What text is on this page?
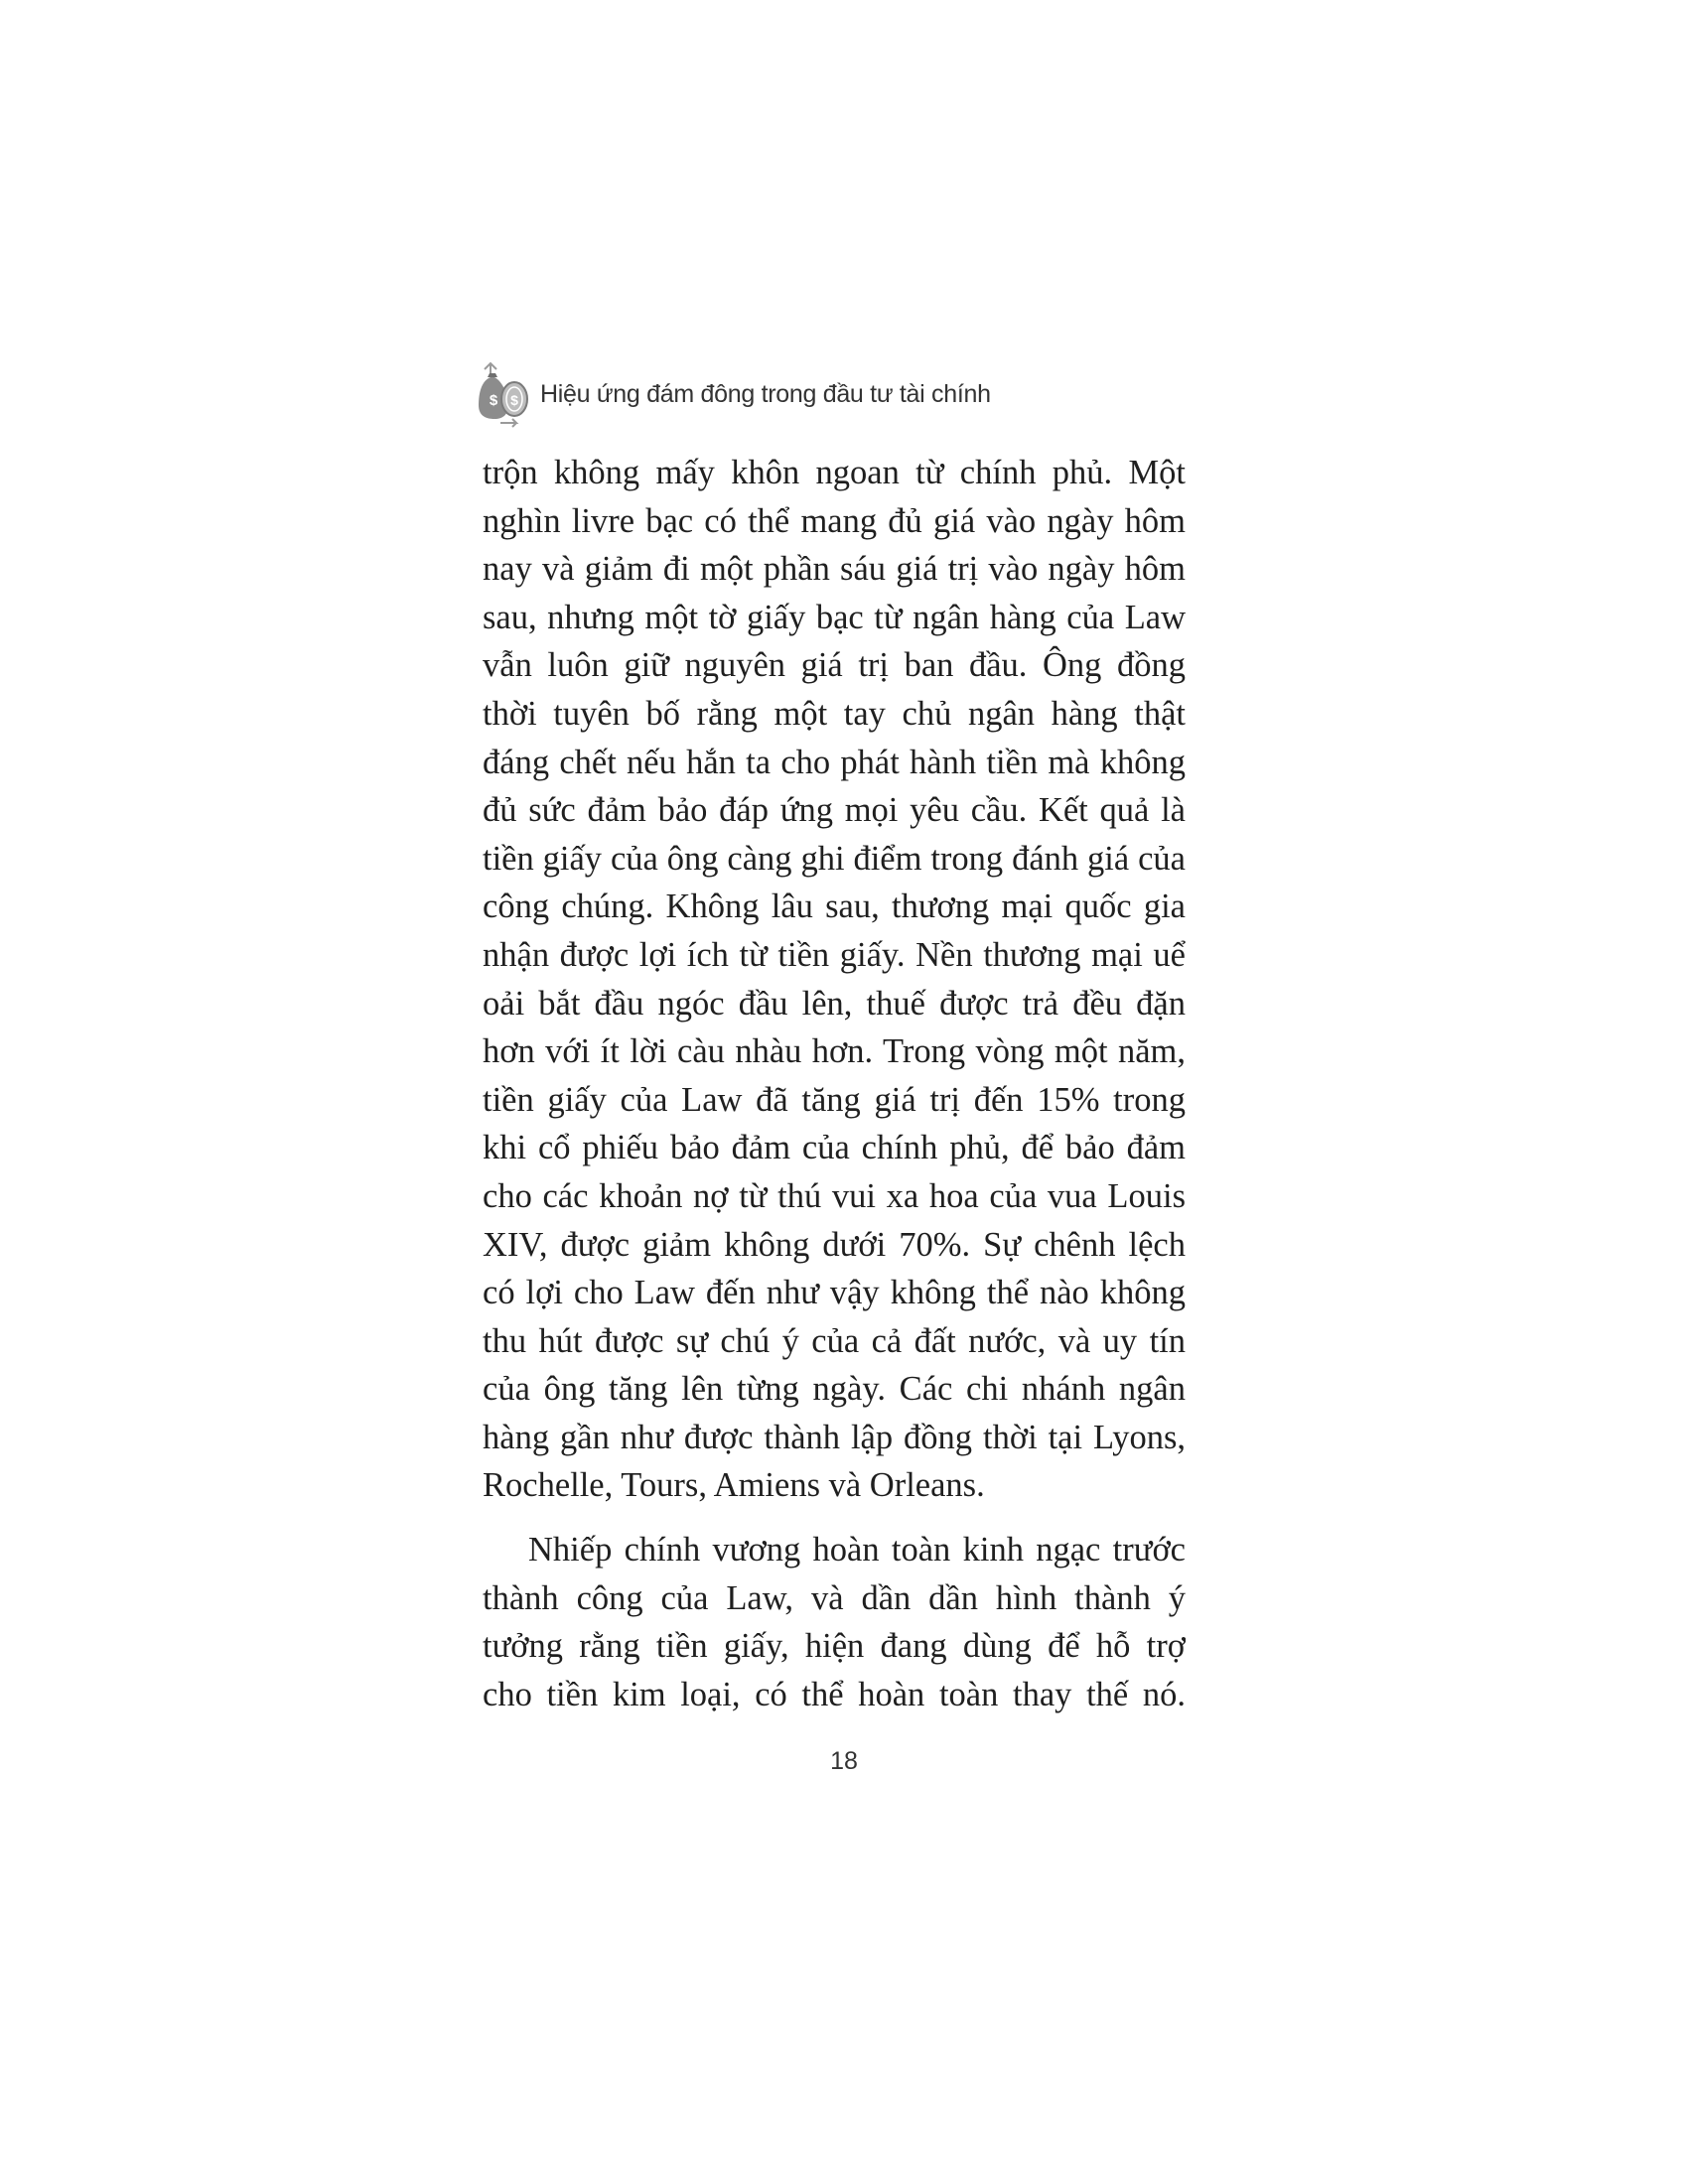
$ $ Hiệu ứng đám đông trong đầu tư tài chính

trộn không mấy khôn ngoan từ chính phủ. Một
nghìn livre bạc có thể mang đủ giá vào ngày hôm
nay và giảm đi một phần sáu giá trị vào ngày hôm
sau, nhưng một tờ giấy bạc từ ngân hàng của Law
vẫn luôn giữ nguyên giá trị ban đầu. Ông đồng
thời tuyên bố rằng một tay chủ ngân hàng thật
đáng chết nếu hắn ta cho phát hành tiền mà không
đủ sức đảm bảo đáp ứng mọi yêu cầu. Kết quả là
tiền giấy của ông càng ghi điểm trong đánh giá của
công chúng. Không lâu sau, thương mại quốc gia
nhận được lợi ích từ tiền giấy. Nền thương mại uể
oải bắt đầu ngóc đầu lên, thuế được trả đều đặn
hơn với ít lời càu nhàu hơn. Trong vòng một năm,
tiền giấy của Law đã tăng giá trị đến 15% trong
khi cổ phiếu bảo đảm của chính phủ, để bảo đảm
cho các khoản nợ từ thú vui xa hoa của vua Louis
XIV, được giảm không dưới 70%. Sự chênh lệch
có lợi cho Law đến như vậy không thể nào không
thu hút được sự chú ý của cả đất nước, và uy tín
của ông tăng lên từng ngày. Các chi nhánh ngân
hàng gần như được thành lập đồng thời tại Lyons,
Rochelle, Tours, Amiens và Orleans.

Nhiếp chính vương hoàn toàn kinh ngạc trước
thành công của Law, và dần dần hình thành ý
tưởng rằng tiền giấy, hiện đang dùng để hỗ trợ
cho tiền kim loại, có thể hoàn toàn thay thế nó.

18
